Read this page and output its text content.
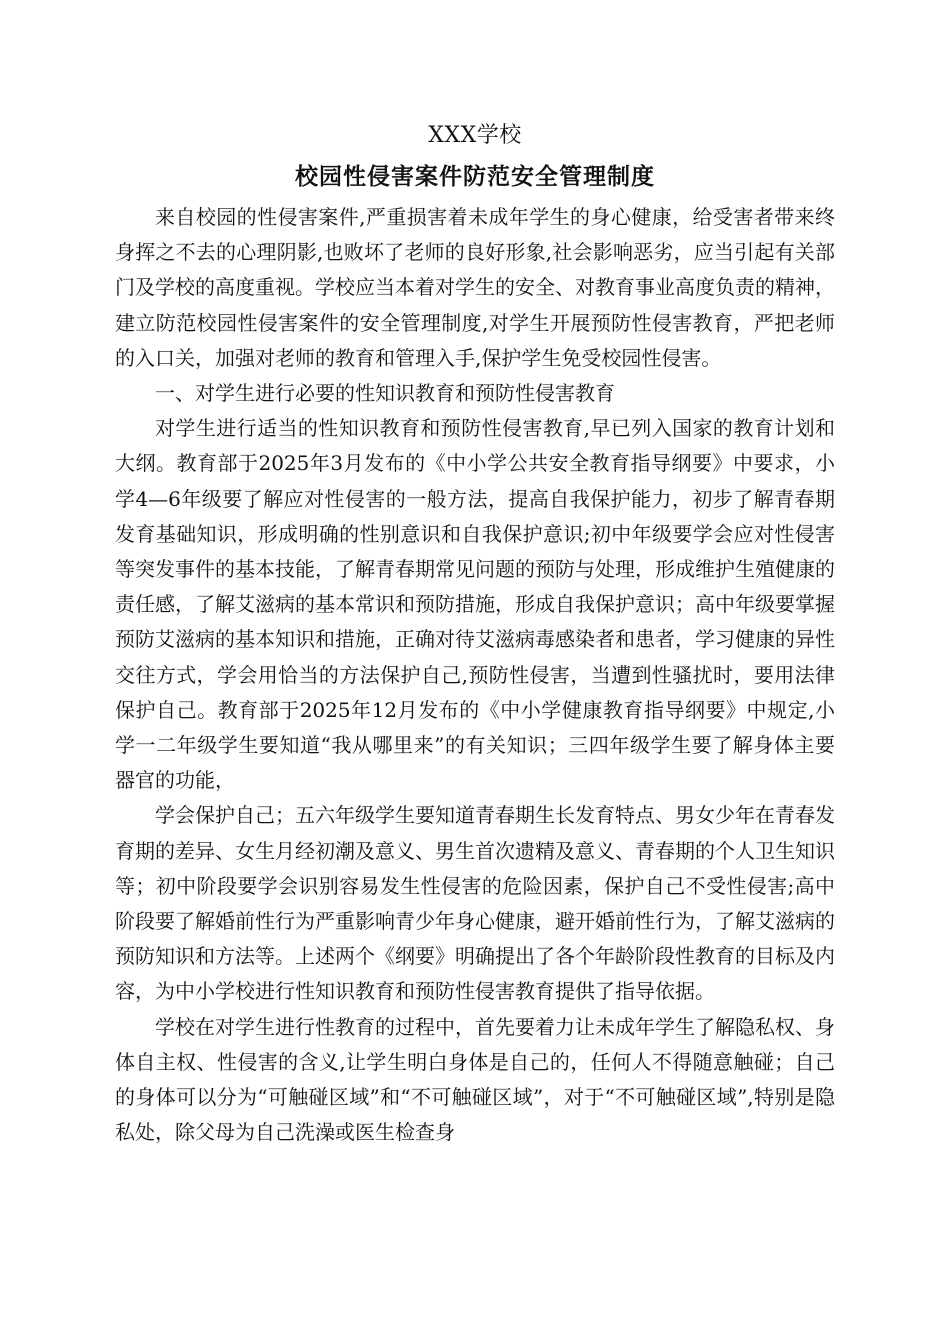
XXX学校
校园性侵害案件防范安全管理制度

来自校园的性侵害案件,严重损害着未成年学生的身心健康，给受害者带来终身挥之不去的心理阴影,也败坏了老师的良好形象,社会影响恶劣，应当引起有关部门及学校的高度重视。学校应当本着对学生的安全、对教育事业高度负责的精神，建立防范校园性侵害案件的安全管理制度,对学生开展预防性侵害教育，严把老师的入口关，加强对老师的教育和管理入手,保护学生免受校园性侵害。

一、对学生进行必要的性知识教育和预防性侵害教育

对学生进行适当的性知识教育和预防性侵害教育,早已列入国家的教育计划和大纲。教育部于2025年3月发布的《中小学公共安全教育指导纲要》中要求，小学4—6年级要了解应对性侵害的一般方法，提高自我保护能力，初步了解青春期发育基础知识，形成明确的性别意识和自我保护意识;初中年级要学会应对性侵害等突发事件的基本技能，了解青春期常见问题的预防与处理，形成维护生殖健康的责任感，了解艾滋病的基本常识和预防措施，形成自我保护意识；高中年级要掌握预防艾滋病的基本知识和措施，正确对待艾滋病毒感染者和患者，学习健康的异性交往方式，学会用恰当的方法保护自己,预防性侵害，当遭到性骚扰时，要用法律保护自己。教育部于2025年12月发布的《中小学健康教育指导纲要》中规定,小学一二年级学生要知道“我从哪里来”的有关知识；三四年级学生要了解身体主要器官的功能，

学会保护自己；五六年级学生要知道青春期生长发育特点、男女少年在青春发育期的差异、女生月经初潮及意义、男生首次遗精及意义、青春期的个人卫生知识等；初中阶段要学会识别容易发生性侵害的危险因素，保护自己不受性侵害;高中阶段要了解婚前性行为严重影响青少年身心健康，避开婚前性行为，了解艾滋病的预防知识和方法等。上述两个《纲要》明确提出了各个年龄阶段性教育的目标及内容，为中小学校进行性知识教育和预防性侵害教育提供了指导依据。

学校在对学生进行性教育的过程中，首先要着力让未成年学生了解隐私权、身体自主权、性侵害的含义,让学生明白身体是自己的，任何人不得随意触碰；自己的身体可以分为“可触碰区域”和“不可触碰区域”，对于“不可触碰区域”,特别是隐私处，除父母为自己洗澡或医生检查身
